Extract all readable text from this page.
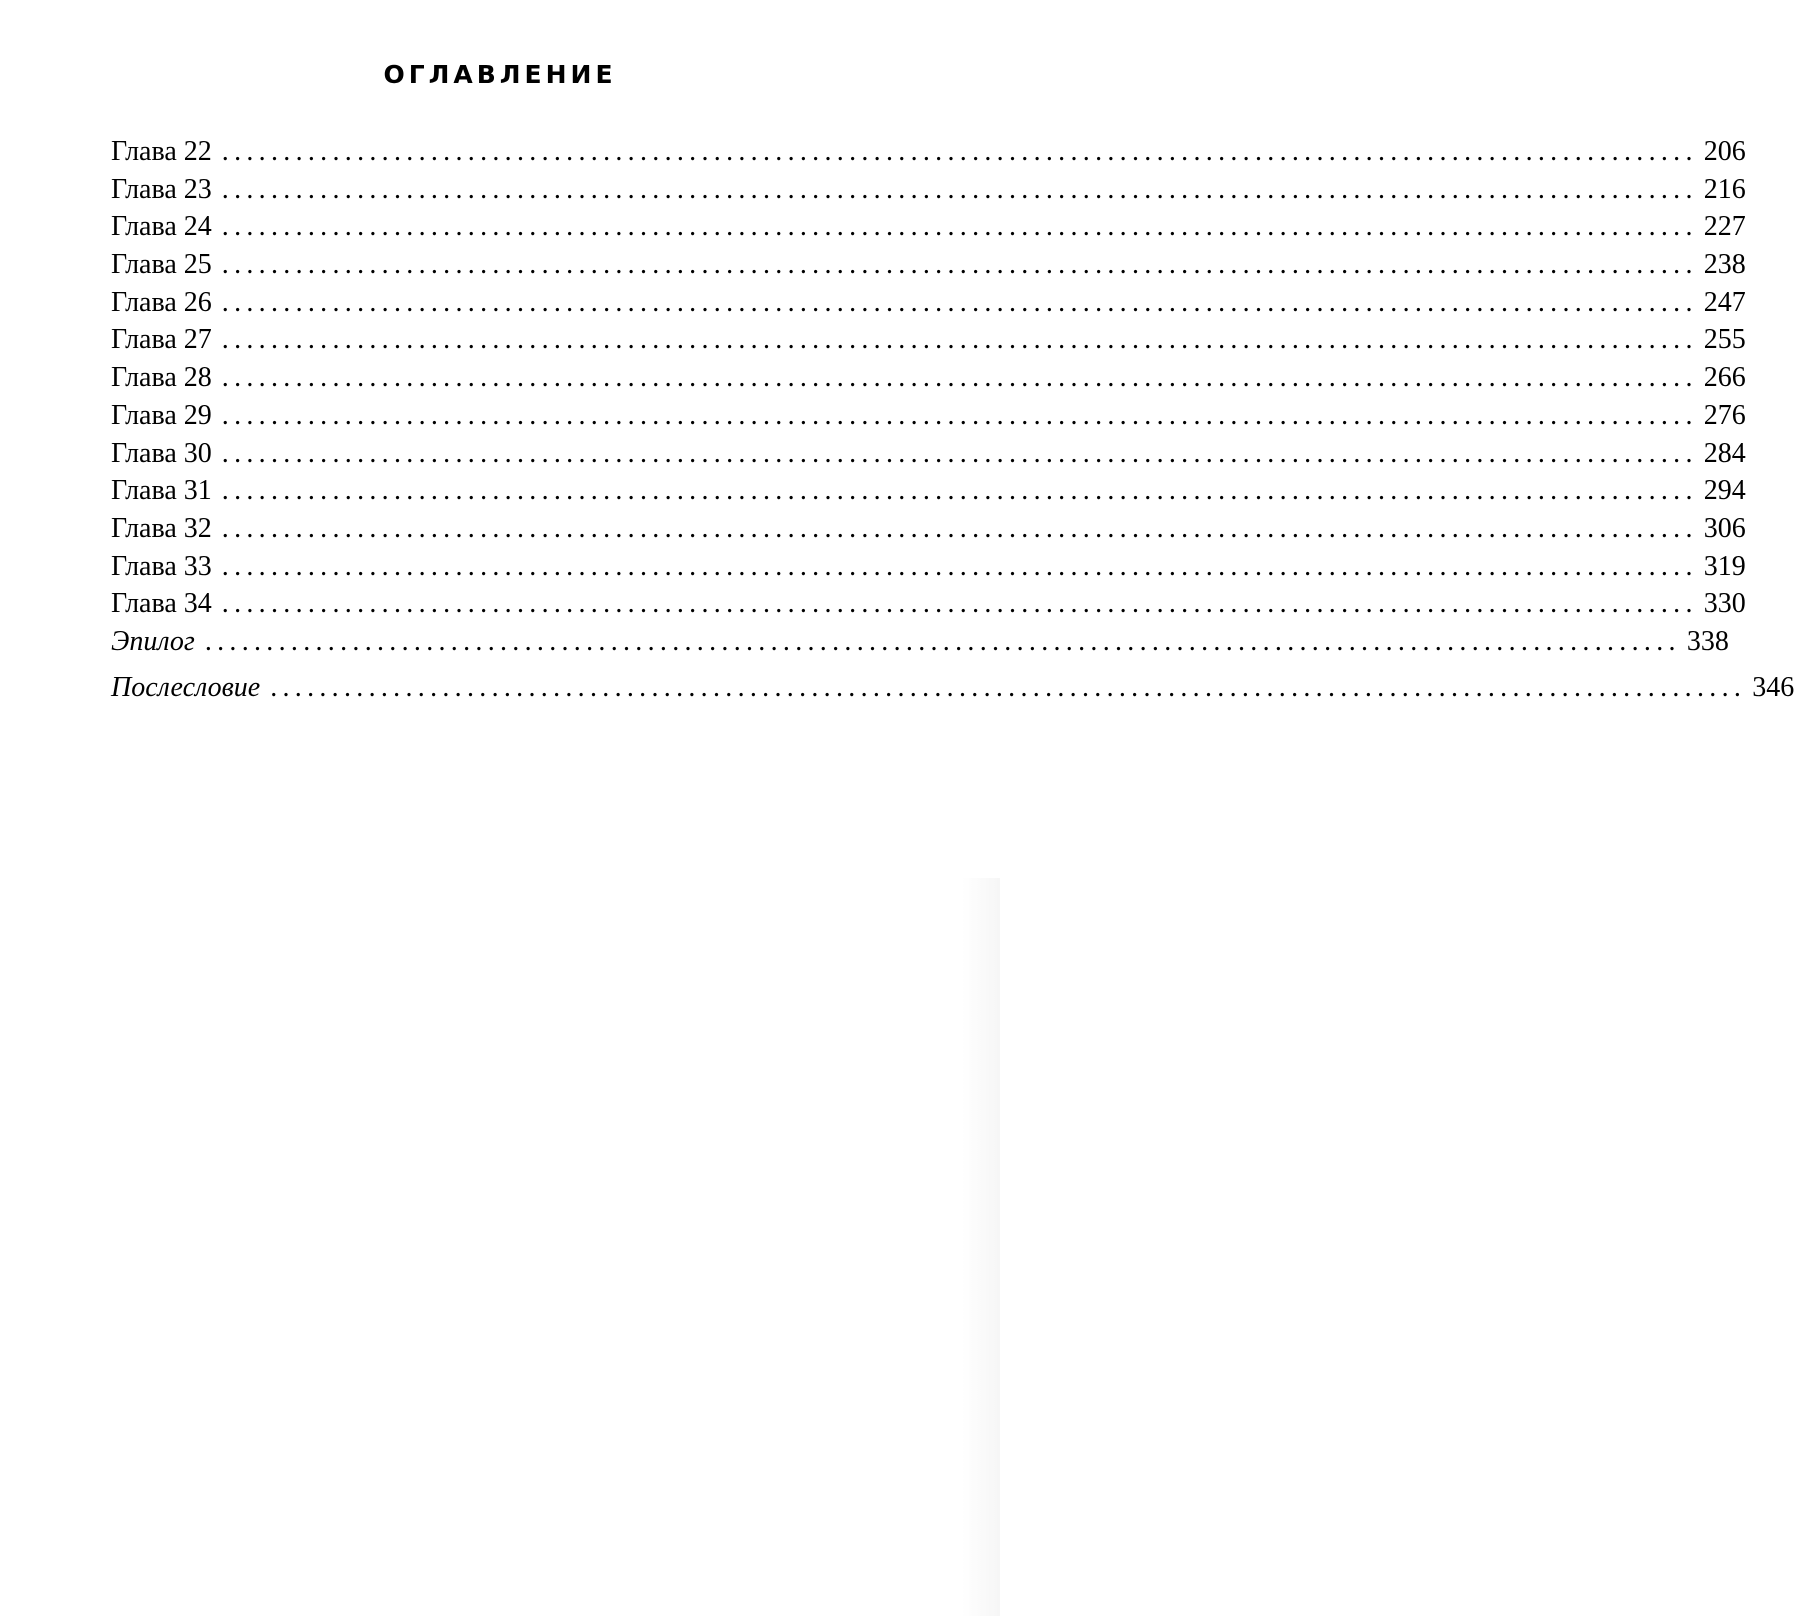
ОГЛАВЛЕНИЕ
Глава 22 ........................................................................................................................ 206
Глава 23 ........................................................................................................................ 216
Глава 24 ........................................................................................................................ 227
Глава 25 ........................................................................................................................ 238
Глава 26 ........................................................................................................................ 247
Глава 27 ........................................................................................................................ 255
Глава 28 ........................................................................................................................ 266
Глава 29 ........................................................................................................................ 276
Глава 30 ........................................................................................................................ 284
Глава 31 ........................................................................................................................ 294
Глава 32 ........................................................................................................................ 306
Глава 33 ........................................................................................................................ 319
Глава 34 ........................................................................................................................ 330
Эпилог ........................................................................................................................ 338
Послесловие ........................................................................................................................ 346
